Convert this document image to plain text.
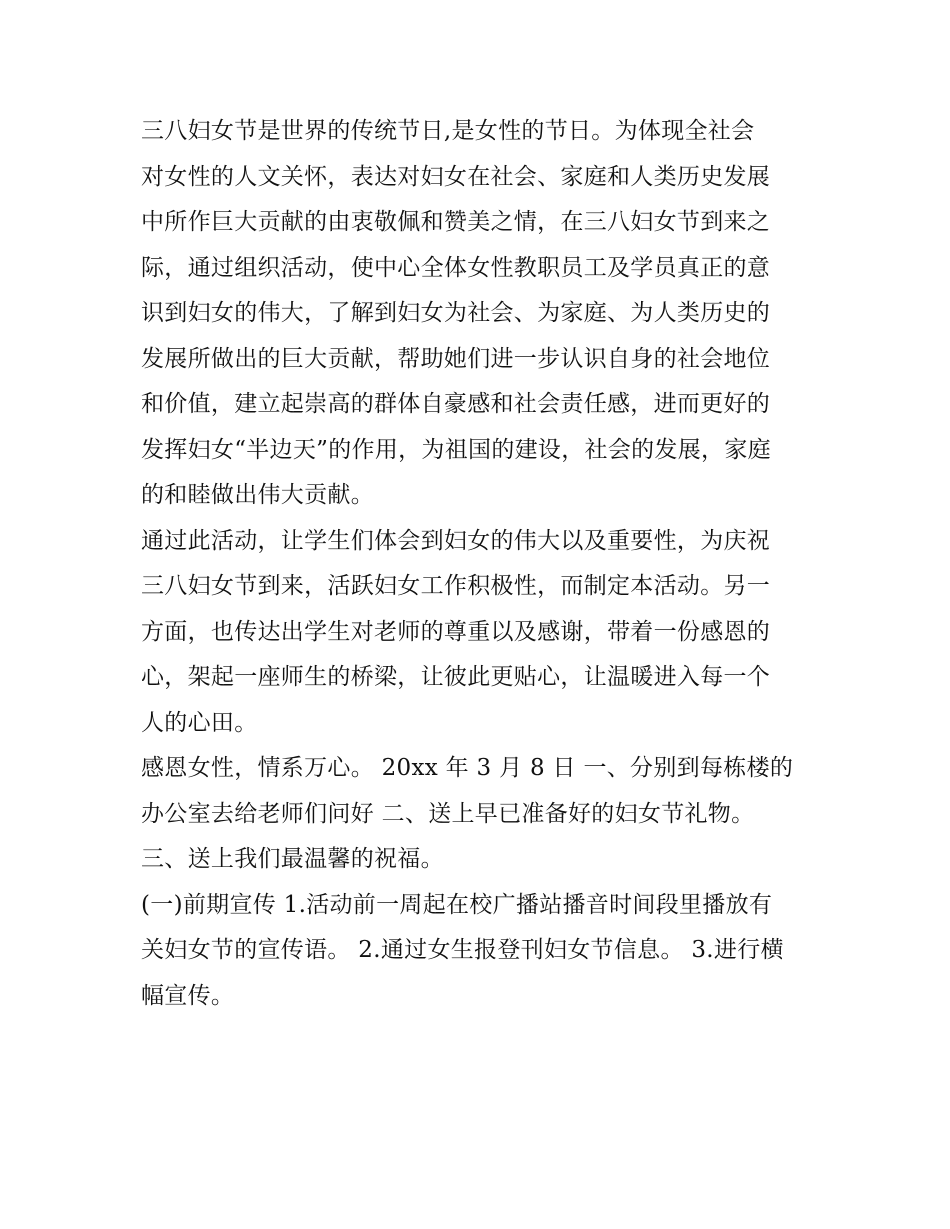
三八妇女节是世界的传统节日,是女性的节日。为体现全社会
对女性的人文关怀，表达对妇女在社会、家庭和人类历史发展
中所作巨大贡献的由衷敬佩和赞美之情，在三八妇女节到来之
际，通过组织活动，使中心全体女性教职员工及学员真正的意
识到妇女的伟大，了解到妇女为社会、为家庭、为人类历史的
发展所做出的巨大贡献，帮助她们进一步认识自身的社会地位
和价值，建立起崇高的群体自豪感和社会责任感，进而更好的
发挥妇女“半边天”的作用，为祖国的建设，社会的发展，家庭
的和睦做出伟大贡献。
通过此活动，让学生们体会到妇女的伟大以及重要性，为庆祝
三八妇女节到来，活跃妇女工作积极性，而制定本活动。另一
方面，也传达出学生对老师的尊重以及感谢，带着一份感恩的
心，架起一座师生的桥梁，让彼此更贴心，让温暖进入每一个
人的心田。
感恩女性，情系万心。 20xx 年 3 月 8 日 一、分别到每栋楼的
办公室去给老师们问好 二、送上早已准备好的妇女节礼物。
三、送上我们最温馨的祝福。
(一)前期宣传 1.活动前一周起在校广播站播音时间段里播放有
关妇女节的宣传语。 2.通过女生报登刊妇女节信息。 3.进行横
幅宣传。
